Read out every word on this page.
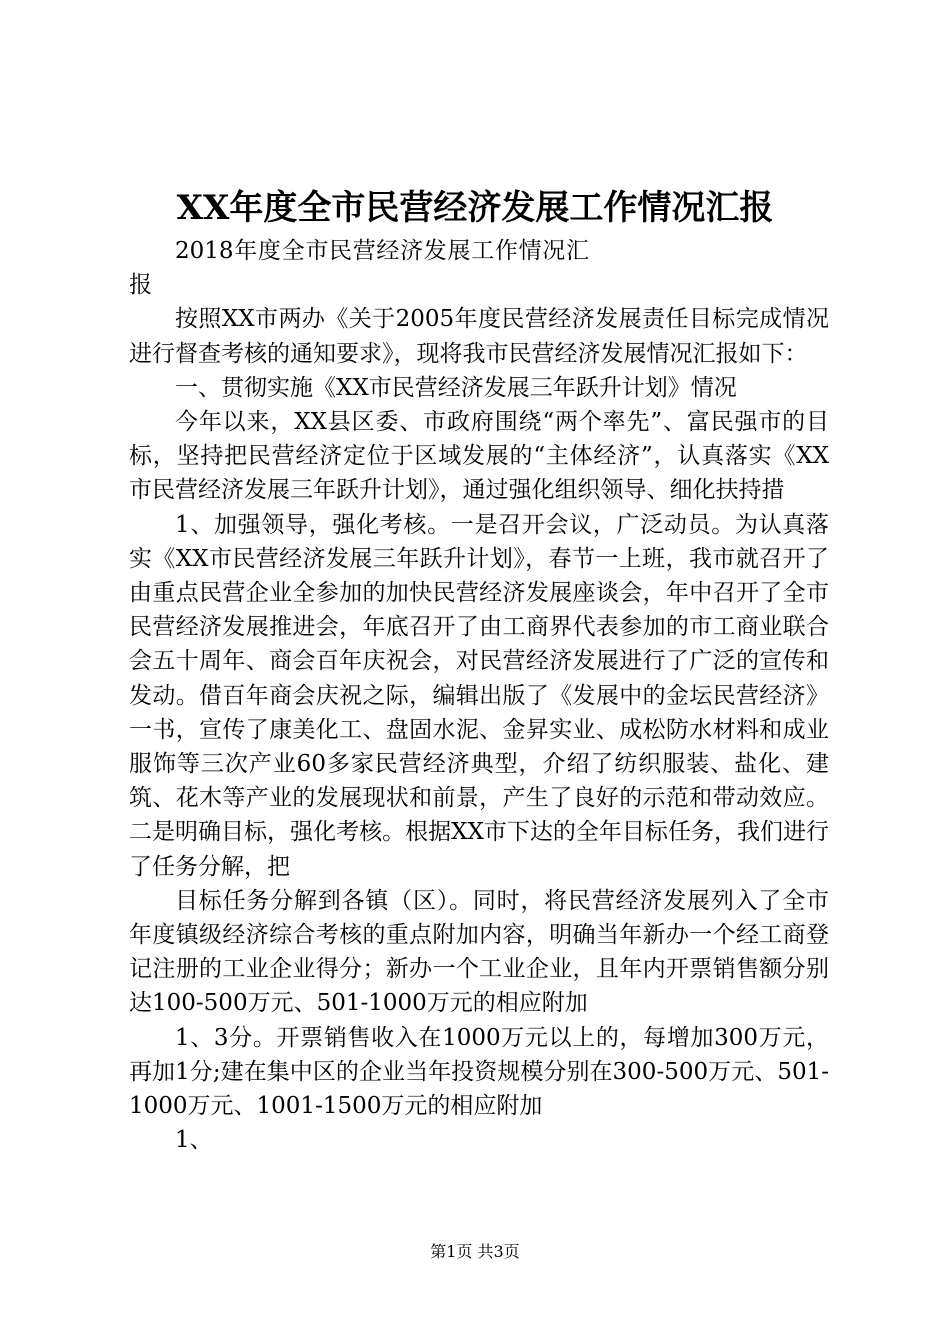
XX年度全市民营经济发展工作情况汇报

2018年度全市民营经济发展工作情况汇报

按照XX市两办《关于2005年度民营经济发展责任目标完成情况进行督查考核的通知要求》，现将我市民营经济发展情况汇报如下：

一、贯彻实施《XX市民营经济发展三年跃升计划》情况

今年以来，XX县区委、市政府围绕“两个率先”、富民强市的目标，坚持把民营经济定位于区域发展的“主体经济”，认真落实《XX市民营经济发展三年跃升计划》，通过强化组织领导、细化扶持措

1、加强领导，强化考核。一是召开会议，广泛动员。为认真落实《XX市民营经济发展三年跃升计划》，春节一上班，我市就召开了由重点民营企业全参加的加快民营经济发展座谈会，年中召开了全市民营经济发展推进会，年底召开了由工商界代表参加的市工商业联合会五十周年、商会百年庆祝会，对民营经济发展进行了广泛的宣传和发动。借百年商会庆祝之际，编辑出版了《发展中的金坛民营经济》一书，宣传了康美化工、盘固水泥、金昇实业、成松防水材料和成业服饰等三次产业60多家民营经济典型，介绍了纺织服装、盐化、建筑、花木等产业的发展现状和前景，产生了良好的示范和带动效应。二是明确目标，强化考核。根据XX市下达的全年目标任务，我们进行了任务分解，把

目标任务分解到各镇（区）。同时，将民营经济发展列入了全市年度镇级经济综合考核的重点附加内容，明确当年新办一个经工商登记注册的工业企业得分；新办一个工业企业，且年内开票销售额分别达100-500万元、501-1000万元的相应附加

1、3分。开票销售收入在1000万元以上的，每增加300万元，再加1分;建在集中区的企业当年投资规模分别在300-500万元、501-1000万元、1001-1500万元的相应附加

1、

第1页 共3页
